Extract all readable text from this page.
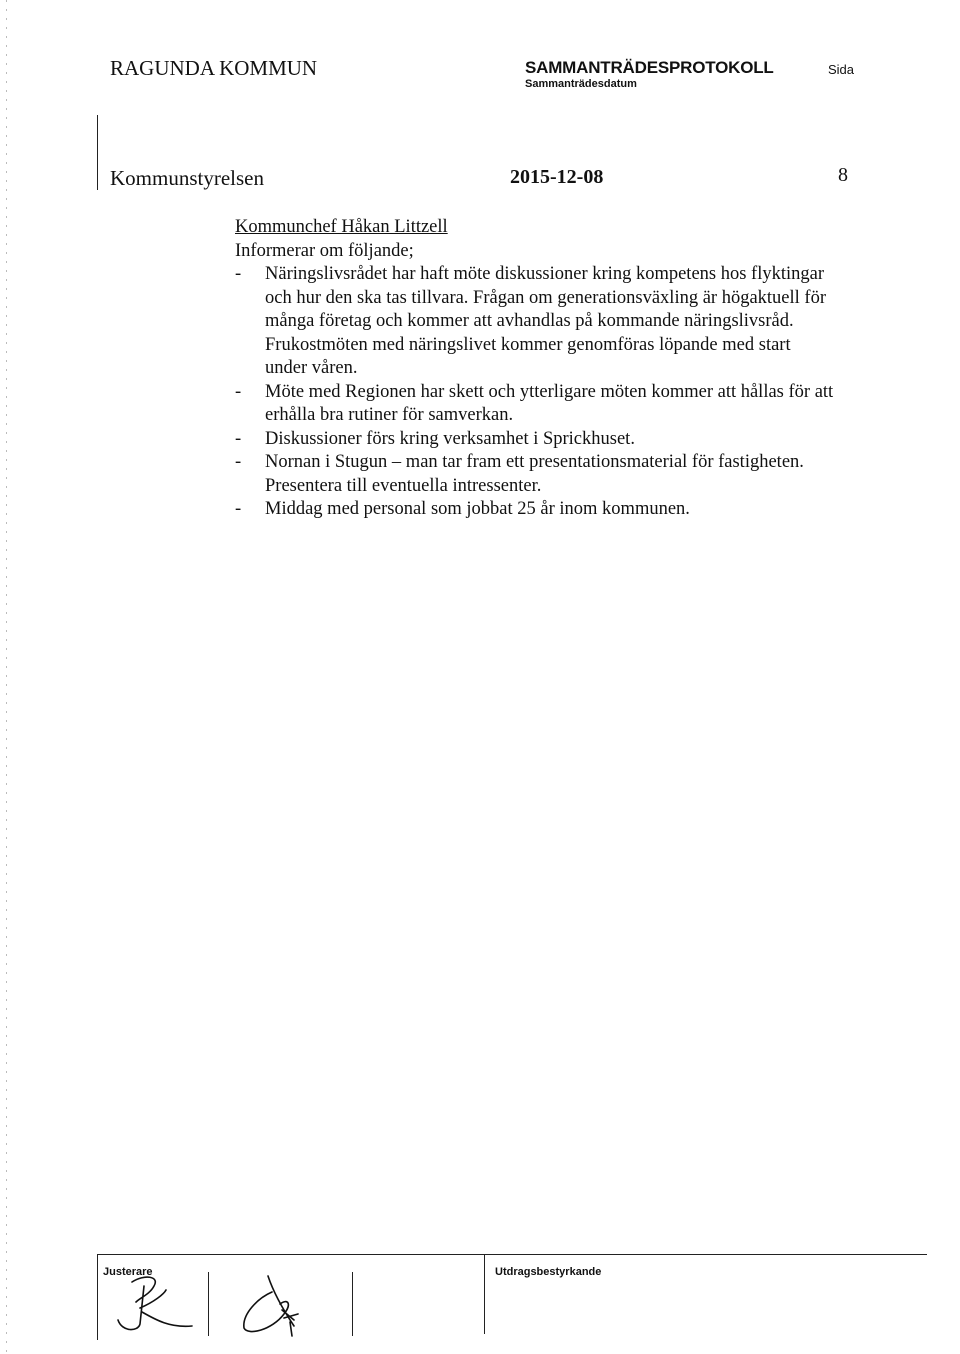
RAGUNDA KOMMUN	SAMMANTRÄDESPROTOKOLL
Sammanträdesdatum
Sida
Kommunstyrelsen	2015-12-08	8
Kommunchef Håkan Littzell
Informerar om följande;
- Näringslivsrådet har haft möte diskussioner kring kompetens hos flyktingar och hur den ska tas tillvara. Frågan om generationsväxling är högaktuell för många företag och kommer att avhandlas på kommande näringslivsråd. Frukostmöten med näringslivet kommer genomföras löpande med start under våren.
- Möte med Regionen har skett och ytterligare möten kommer att hållas för att erhålla bra rutiner för samverkan.
- Diskussioner förs kring verksamhet i Sprickhuset.
- Nornan i Stugun – man tar fram ett presentationsmaterial för fastigheten. Presentera till eventuella intressenter.
- Middag med personal som jobbat 25 år inom kommunen.
Justerare	Utdragsbestyrkande
